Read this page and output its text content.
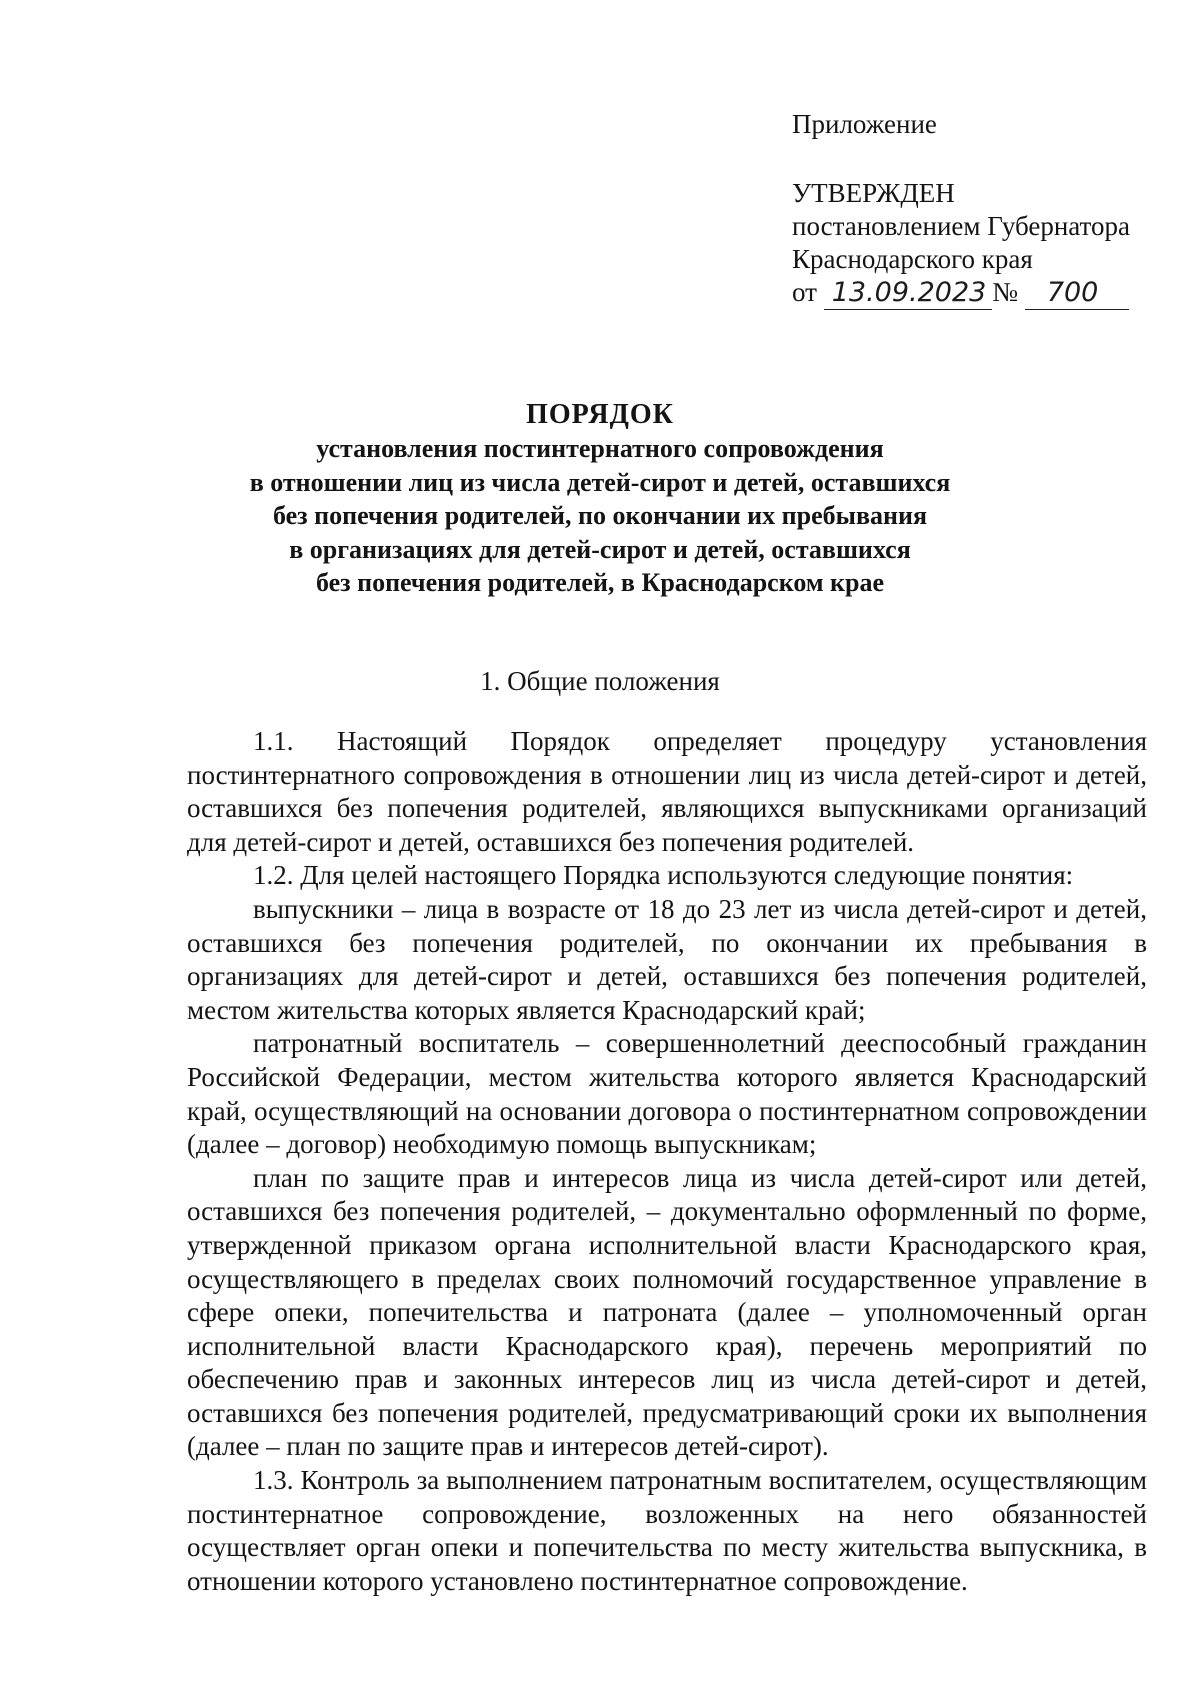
Приложение
УТВЕРЖДЕН
постановлением Губернатора
Краснодарского края
от 13.09.2023 № 700
ПОРЯДОК
установления постинтернатного сопровождения
в отношении лиц из числа детей-сирот и детей, оставшихся
без попечения родителей, по окончании их пребывания
в организациях для детей-сирот и детей, оставшихся
без попечения родителей, в Краснодарском крае
1. Общие положения

1.1. Настоящий Порядок определяет процедуру установления постинтернатного сопровождения в отношении лиц из числа детей-сирот и детей, оставшихся без попечения родителей, являющихся выпускниками организаций для детей-сирот и детей, оставшихся без попечения родителей.

1.2. Для целей настоящего Порядка используются следующие понятия:

выпускники – лица в возрасте от 18 до 23 лет из числа детей-сирот и детей, оставшихся без попечения родителей, по окончании их пребывания в организациях для детей-сирот и детей, оставшихся без попечения родителей, местом жительства которых является Краснодарский край;

патронатный воспитатель – совершеннолетний дееспособный гражданин Российской Федерации, местом жительства которого является Краснодарский край, осуществляющий на основании договора о постинтернатном сопровождении (далее – договор) необходимую помощь выпускникам;

план по защите прав и интересов лица из числа детей-сирот или детей, оставшихся без попечения родителей, – документально оформленный по форме, утвержденной приказом органа исполнительной власти Краснодарского края, осуществляющего в пределах своих полномочий государственное управление в сфере опеки, попечительства и патроната (далее – уполномоченный орган исполнительной власти Краснодарского края), перечень мероприятий по обеспечению прав и законных интересов лиц из числа детей-сирот и детей, оставшихся без попечения родителей, предусматривающий сроки их выполнения (далее – план по защите прав и интересов детей-сирот).

1.3. Контроль за выполнением патронатным воспитателем, осуществляющим постинтернатное сопровождение, возложенных на него обязанностей осуществляет орган опеки и попечительства по месту жительства выпускника, в отношении которого установлено постинтернатное сопровождение.
